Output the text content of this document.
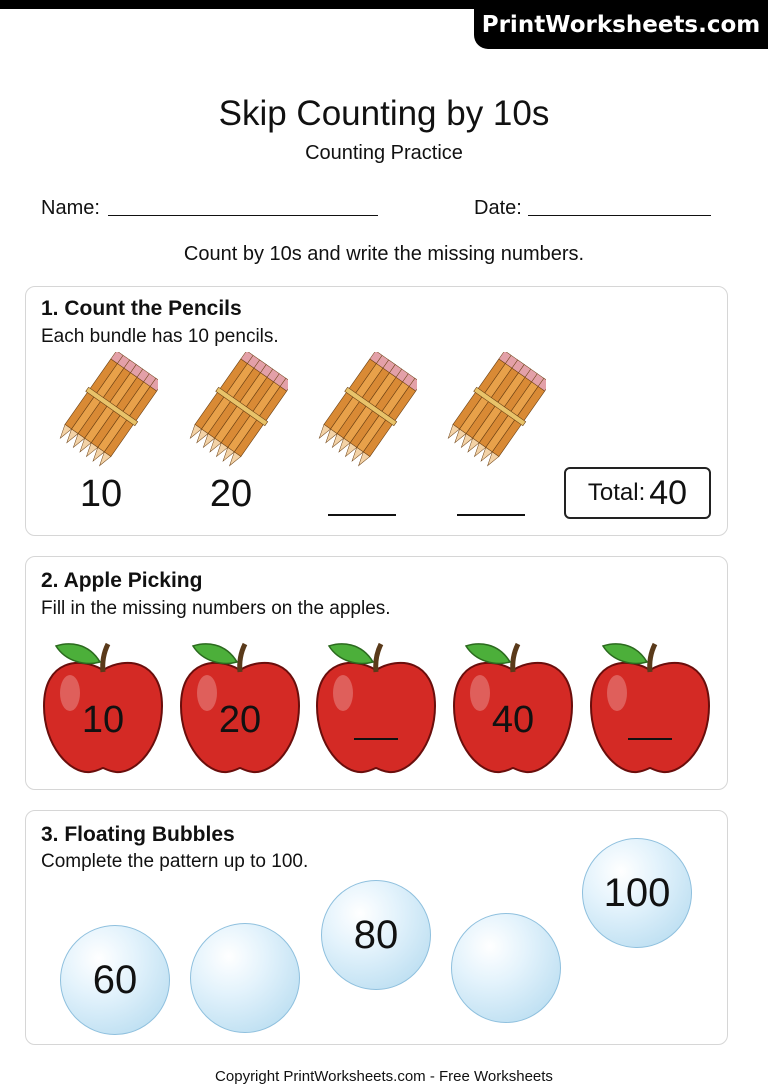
PrintWorksheets.com
Skip Counting by 10s
Counting Practice
Name:	Date:
Count by 10s and write the missing numbers.
1. Count the Pencils
Each bundle has 10 pencils.
10	20	Total: 40
2. Apple Picking
Fill in the missing numbers on the apples.
10	20	40
3. Floating Bubbles
Complete the pattern up to 100.
60
80
100
Copyright PrintWorksheets.com - Free Worksheets
